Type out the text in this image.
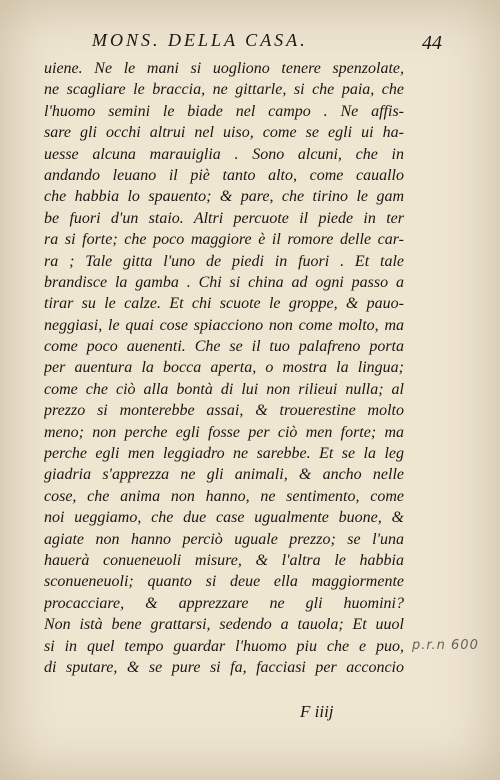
MONS. DELLA CASA.	44
uiene. Ne le mani si uogliono tenere spenzolate,
ne scagliare le braccia, ne gittarle, si che paia, che
l'huomo semini le biade nel campo . Ne affis-
sare gli occhi altrui nel uiso, come se egli ui ha-
uesse alcuna marauiglia . Sono alcuni, che in
andando leuano il piè tanto alto, come cauallo
che habbia lo spauento; & pare, che tirino le gam
be fuori d'un staio. Altri percuote il piede in ter
ra si forte; che poco maggiore è il romore delle car-
ra ; Tale gitta l'uno de piedi in fuori . Et tale
brandisce la gamba . Chi si china ad ogni passo a
tirar su le calze. Et chi scuote le groppe, & pauo-
neggiasi, le quai cose spiacciono non come molto, ma
come poco auenenti. Che se il tuo palafreno porta
per auentura la bocca aperta, o mostra la lingua;
come che ciò alla bontà di lui non rilieui nulla; al
prezzo si monterebbe assai, & trouerestine molto
meno; non perche egli fosse per ciò men forte; ma
perche egli men leggiadro ne sarebbe. Et se la leg
giadria s'apprezza ne gli animali, & ancho nelle
cose, che anima non hanno, ne sentimento, come
noi ueggiamo, che due case ugualmente buone, &
agiate non hanno perciò uguale prezzo; se l'una
hauerà conueneuoli misure, & l'altra le habbia
sconueneuoli; quanto si deue ella maggiormente
procacciare, & apprezzare ne gli huomini?
Non istà bene grattarsi, sedendo a tauola; Et uuol
si in quel tempo guardar l'huomo piu che e puo,
di sputare, & se pure si fa, facciasi per acconcio
p.r.n 600
F iiij
